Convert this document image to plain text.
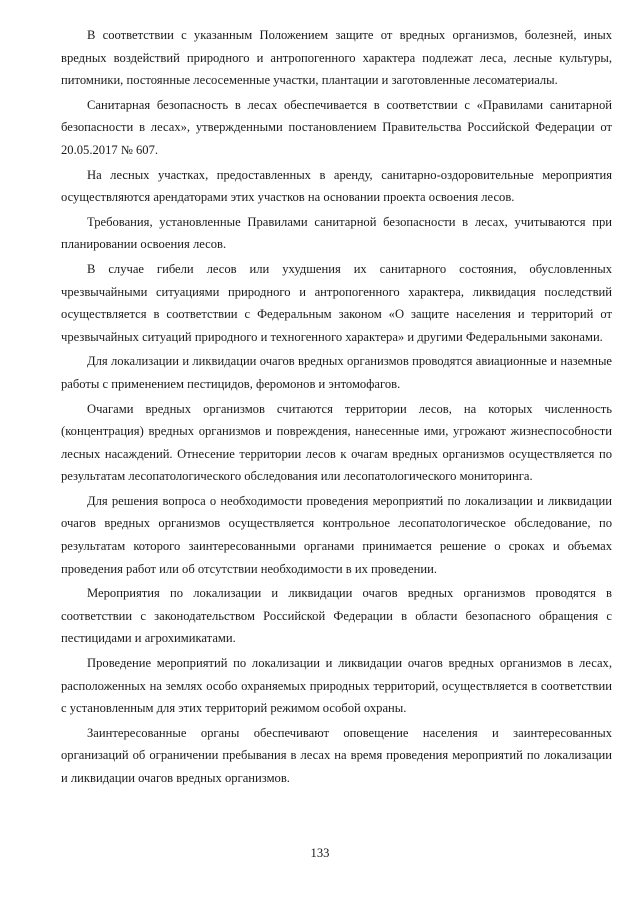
В соответствии с указанным Положением защите от вредных организмов, болезней, иных вредных воздействий природного и антропогенного характера подлежат леса, лесные культуры, питомники, постоянные лесосеменные участки, плантации и заготовленные лесоматериалы.

Санитарная безопасность в лесах обеспечивается в соответствии с «Правилами санитарной безопасности в лесах», утвержденными постановлением Правительства Российской Федерации от 20.05.2017 № 607.

На лесных участках, предоставленных в аренду, санитарно-оздоровительные мероприятия осуществляются арендаторами этих участков на основании проекта освоения лесов.

Требования, установленные Правилами санитарной безопасности в лесах, учитываются при планировании освоения лесов.

В случае гибели лесов или ухудшения их санитарного состояния, обусловленных чрезвычайными ситуациями природного и антропогенного характера, ликвидация последствий осуществляется в соответствии с Федеральным законом «О защите населения и территорий от чрезвычайных ситуаций природного и техногенного характера» и другими Федеральными законами.

Для локализации и ликвидации очагов вредных организмов проводятся авиационные и наземные работы с применением пестицидов, феромонов и энтомофагов.

Очагами вредных организмов считаются территории лесов, на которых численность (концентрация) вредных организмов и повреждения, нанесенные ими, угрожают жизнеспособности лесных насаждений. Отнесение территории лесов к очагам вредных организмов осуществляется по результатам лесопатологического обследования или лесопатологического мониторинга.

Для решения вопроса о необходимости проведения мероприятий по локализации и ликвидации очагов вредных организмов осуществляется контрольное лесопатологическое обследование, по результатам которого заинтересованными органами принимается решение о сроках и объемах проведения работ или об отсутствии необходимости в их проведении.

Мероприятия по локализации и ликвидации очагов вредных организмов проводятся в соответствии с законодательством Российской Федерации в области безопасного обращения с пестицидами и агрохимикатами.

Проведение мероприятий по локализации и ликвидации очагов вредных организмов в лесах, расположенных на землях особо охраняемых природных территорий, осуществляется в соответствии с установленным для этих территорий режимом особой охраны.

Заинтересованные органы обеспечивают оповещение населения и заинтересованных организаций об ограничении пребывания в лесах на время проведения мероприятий по локализации и ликвидации очагов вредных организмов.

133
